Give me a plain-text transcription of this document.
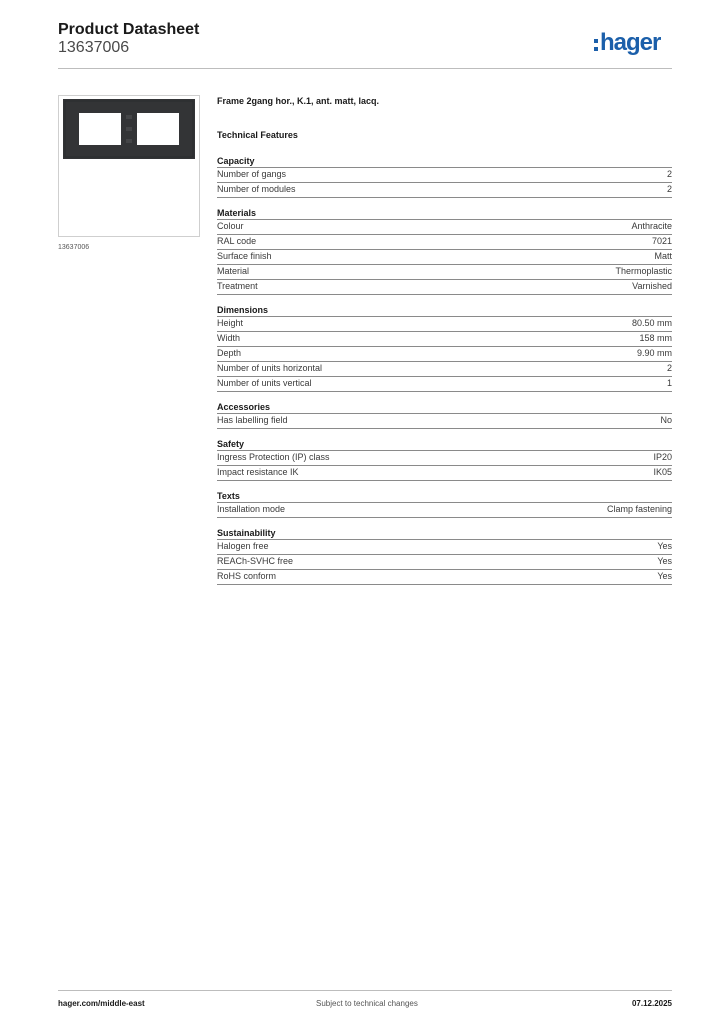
Product Datasheet
13637006	hager
13637006
Frame 2gang hor., K.1, ant. matt, lacq.
Technical Features
Capacity
Number of gangs	2
Number of modules	2
Materials
Colour	Anthracite
RAL code	7021
Surface finish	Matt
Material	Thermoplastic
Treatment	Varnished
Dimensions
Height	80.50 mm
Width	158 mm
Depth	9.90 mm
Number of units horizontal	2
Number of units vertical	1
Accessories
Has labelling field	No
Safety
Ingress Protection (IP) class	IP20
Impact resistance IK	IK05
Texts
Installation mode	Clamp fastening
Sustainability
Halogen free	Yes
REACh-SVHC free	Yes
RoHS conform	Yes
hager.com/middle-east	Subject to technical changes	07.12.2025
